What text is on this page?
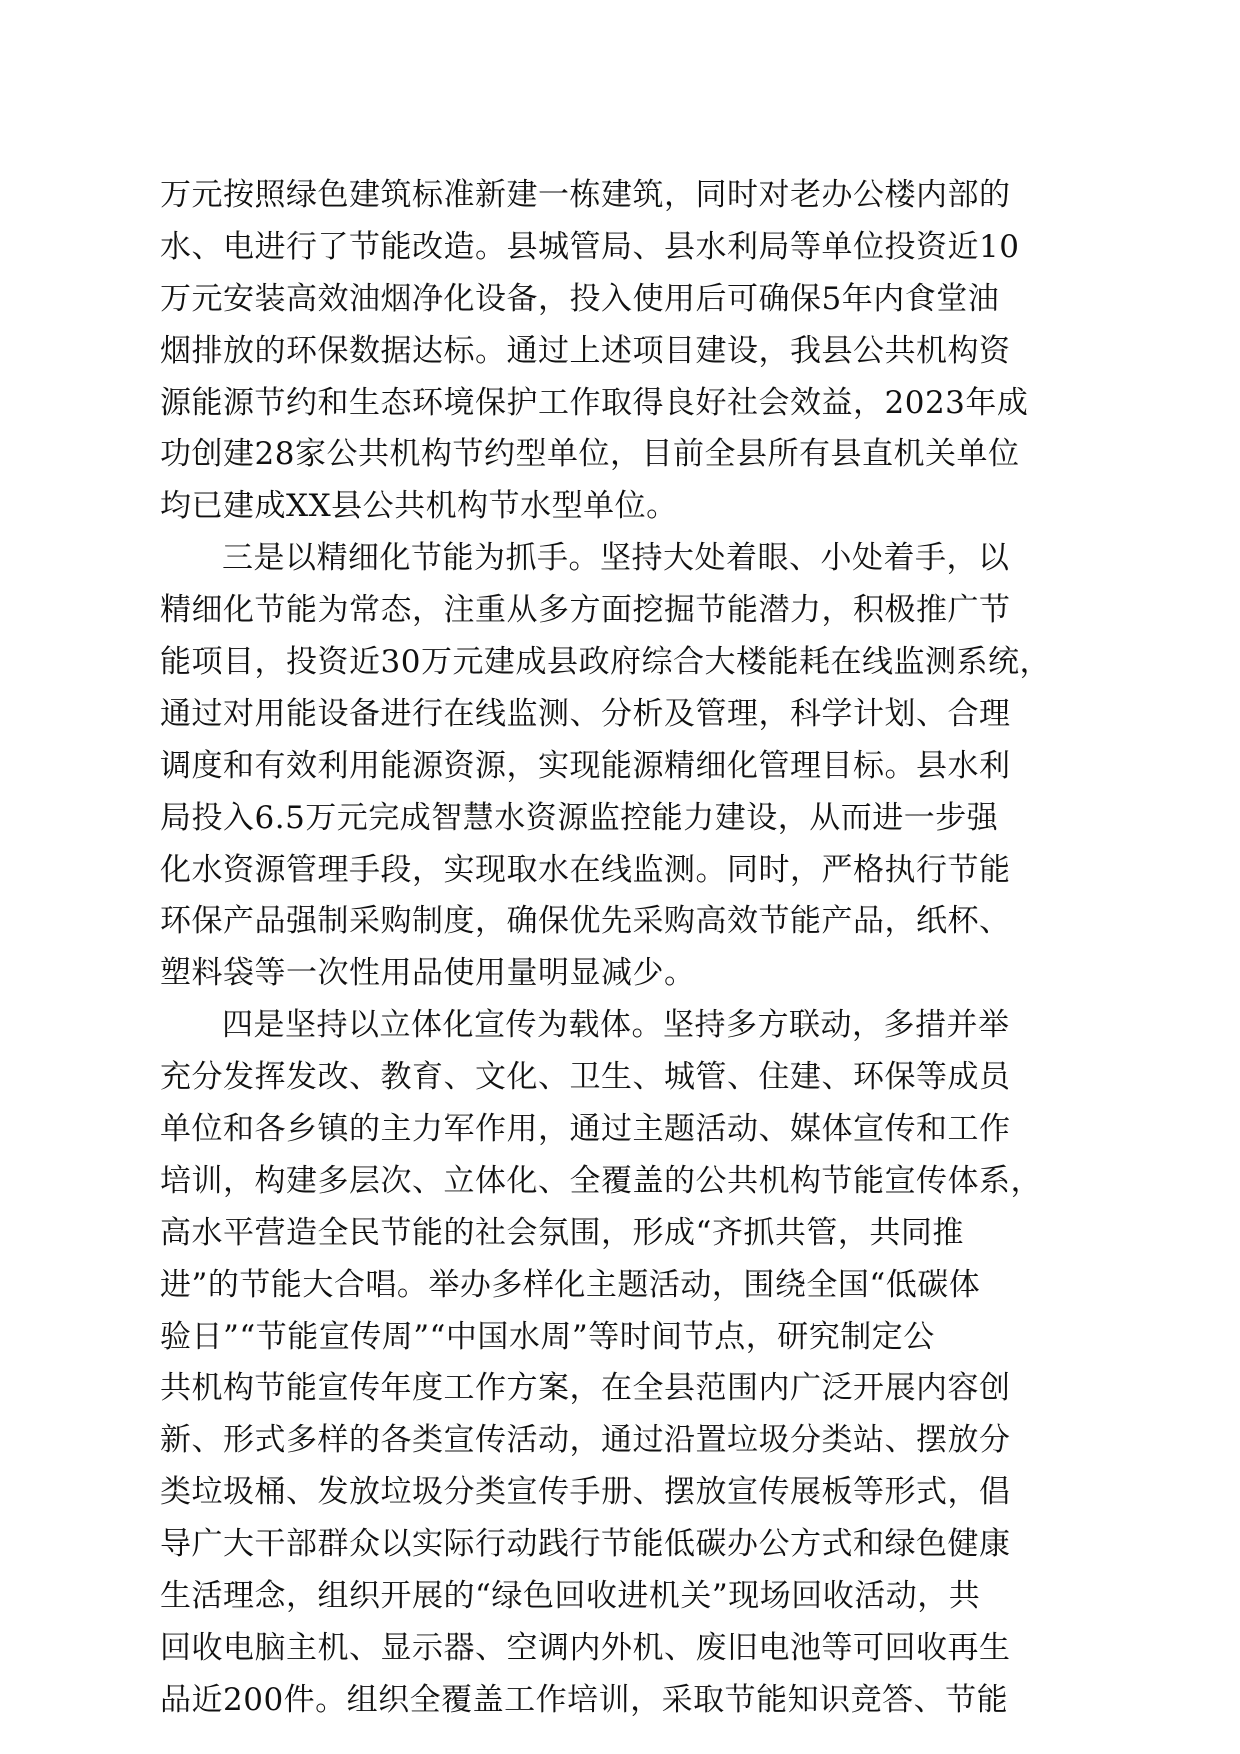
万元按照绿色建筑标准新建一栋建筑，同时对老办公楼内部的
水、电进行了节能改造。县城管局、县水利局等单位投资近10
万元安装高效油烟净化设备，投入使用后可确保5年内食堂油
烟排放的环保数据达标。通过上述项目建设，我县公共机构资
源能源节约和生态环境保护工作取得良好社会效益，2023年成
功创建28家公共机构节约型单位，目前全县所有县直机关单位
均已建成XX县公共机构节水型单位。
三是以精细化节能为抓手。坚持大处着眼、小处着手，以
精细化节能为常态，注重从多方面挖掘节能潜力，积极推广节
能项目，投资近30万元建成县政府综合大楼能耗在线监测系统，
通过对用能设备进行在线监测、分析及管理，科学计划、合理
调度和有效利用能源资源，实现能源精细化管理目标。县水利
局投入6.5万元完成智慧水资源监控能力建设，从而进一步强
化水资源管理手段，实现取水在线监测。同时，严格执行节能
环保产品强制采购制度，确保优先采购高效节能产品，纸杯、
塑料袋等一次性用品使用量明显减少。
四是坚持以立体化宣传为载体。坚持多方联动，多措并举
充分发挥发改、教育、文化、卫生、城管、住建、环保等成员
单位和各乡镇的主力军作用，通过主题活动、媒体宣传和工作
培训，构建多层次、立体化、全覆盖的公共机构节能宣传体系，
高水平营造全民节能的社会氛围，形成“齐抓共管，共同推
进”的节能大合唱。举办多样化主题活动，围绕全国“低碳体
验日”“节能宣传周”“中国水周”等时间节点，研究制定公
共机构节能宣传年度工作方案，在全县范围内广泛开展内容创
新、形式多样的各类宣传活动，通过沿置垃圾分类站、摆放分
类垃圾桶、发放垃圾分类宣传手册、摆放宣传展板等形式，倡
导广大干部群众以实际行动践行节能低碳办公方式和绿色健康
生活理念，组织开展的“绿色回收进机关”现场回收活动，共
回收电脑主机、显示器、空调内外机、废旧电池等可回收再生
品近200件。组织全覆盖工作培训，采取节能知识竞答、节能
